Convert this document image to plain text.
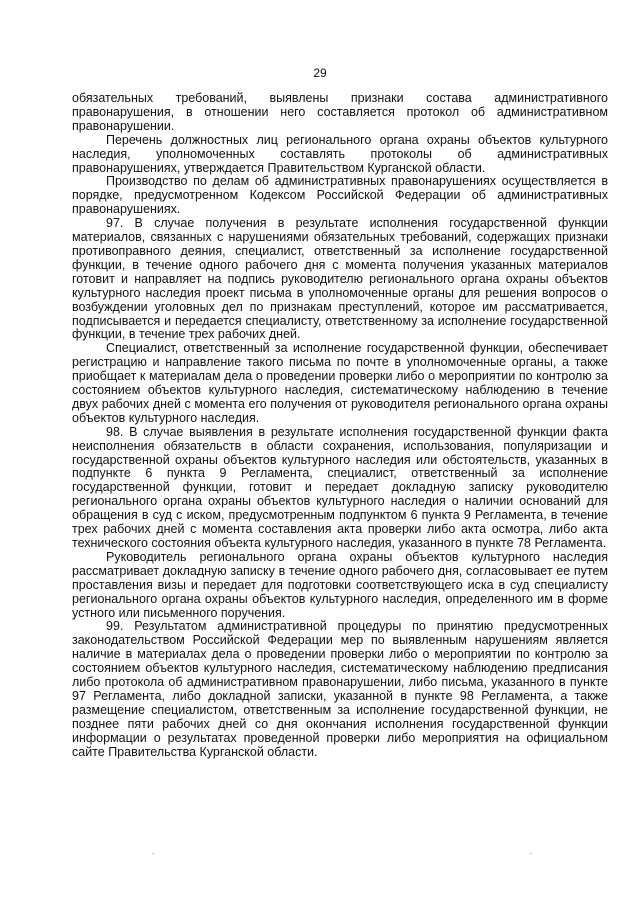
29

обязательных требований, выявлены признаки состава административного правонарушения, в отношении него составляется протокол об административном правонарушении.

Перечень должностных лиц регионального органа охраны объектов культурного наследия, уполномоченных составлять протоколы об административных правонарушениях, утверждается Правительством Курганской области.

Производство по делам об административных правонарушениях осуществляется в порядке, предусмотренном Кодексом Российской Федерации об административных правонарушениях.

97. В случае получения в результате исполнения государственной функции материалов, связанных с нарушениями обязательных требований, содержащих признаки противоправного деяния, специалист, ответственный за исполнение государственной функции, в течение одного рабочего дня с момента получения указанных материалов готовит и направляет на подпись руководителю регионального органа охраны объектов культурного наследия проект письма в уполномоченные органы для решения вопросов о возбуждении уголовных дел по признакам преступлений, которое им рассматривается, подписывается и передается специалисту, ответственному за исполнение государственной функции, в течение трех рабочих дней.

Специалист, ответственный за исполнение государственной функции, обеспечивает регистрацию и направление такого письма по почте в уполномоченные органы, а также приобщает к материалам дела о проведении проверки либо о мероприятии по контролю за состоянием объектов культурного наследия, систематическому наблюдению в течение двух рабочих дней с момента его получения от руководителя регионального органа охраны объектов культурного наследия.

98. В случае выявления в результате исполнения государственной функции факта неисполнения обязательств в области сохранения, использования, популяризации и государственной охраны объектов культурного наследия или обстоятельств, указанных в подпункте 6 пункта 9 Регламента, специалист, ответственный за исполнение государственной функции, готовит и передает докладную записку руководителю регионального органа охраны объектов культурного наследия о наличии оснований для обращения в суд с иском, предусмотренным подпунктом 6 пункта 9 Регламента, в течение трех рабочих дней с момента составления акта проверки либо акта осмотра, либо акта технического состояния объекта культурного наследия, указанного в пункте 78 Регламента.

Руководитель регионального органа охраны объектов культурного наследия рассматривает докладную записку в течение одного рабочего дня, согласовывает ее путем проставления визы и передает для подготовки соответствующего иска в суд специалисту регионального органа охраны объектов культурного наследия, определенного им в форме устного или письменного поручения.

99. Результатом административной процедуры по принятию предусмотренных законодательством Российской Федерации мер по выявленным нарушениям является наличие в материалах дела о проведении проверки либо о мероприятии по контролю за состоянием объектов культурного наследия, систематическому наблюдению предписания либо протокола об административном правонарушении, либо письма, указанного в пункте 97 Регламента, либо докладной записки, указанной в пункте 98 Регламента, а также размещение специалистом, ответственным за исполнение государственной функции, не позднее пяти рабочих дней со дня окончания исполнения государственной функции информации о результатах проведенной проверки либо мероприятия на официальном сайте Правительства Курганской области.

-	-
